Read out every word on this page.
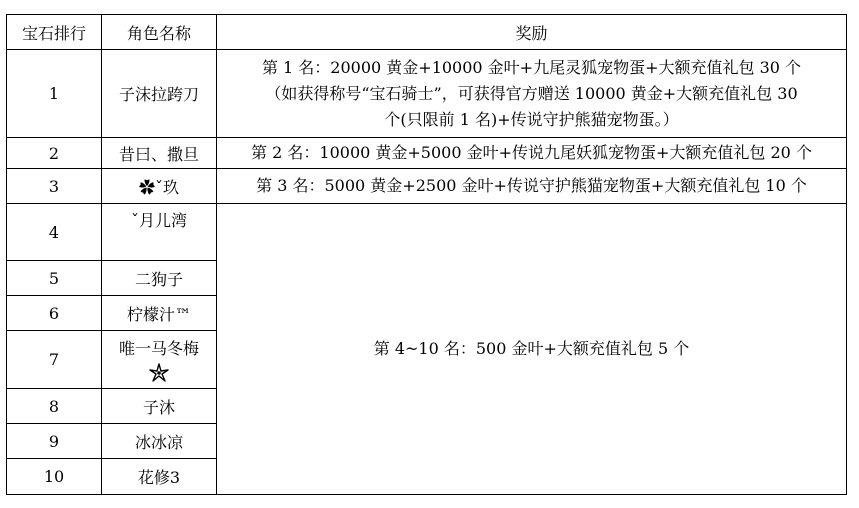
宝石排行	角色名称	奖励
1	子沫拉跨刀	第 1 名：20000 黄金+10000 金叶+九尾灵狐宠物蛋+大额充值礼包 30 个
（如获得称号“宝石骑士”，可获得官方赠送 10000 黄金+大额充值礼包 30
个(只限前 1 名)+传说守护熊猫宠物蛋。）

2	昔曰、撒旦	第 2 名：10000 黄金+5000 金叶+传说九尾妖狐宠物蛋+大额充值礼包 20 个
3	✿ˇ玖	第 3 名：5000 黄金+2500 金叶+传说守护熊猫宠物蛋+大额充值礼包 10 个
4	ˇ月儿湾	第 4~10 名：500 金叶+大额充值礼包 5 个
5	二狗子	
6	柠檬汁™	
7	唯一马冬梅	

8	子沐	
9	冰冰凉	
10	花修3	
